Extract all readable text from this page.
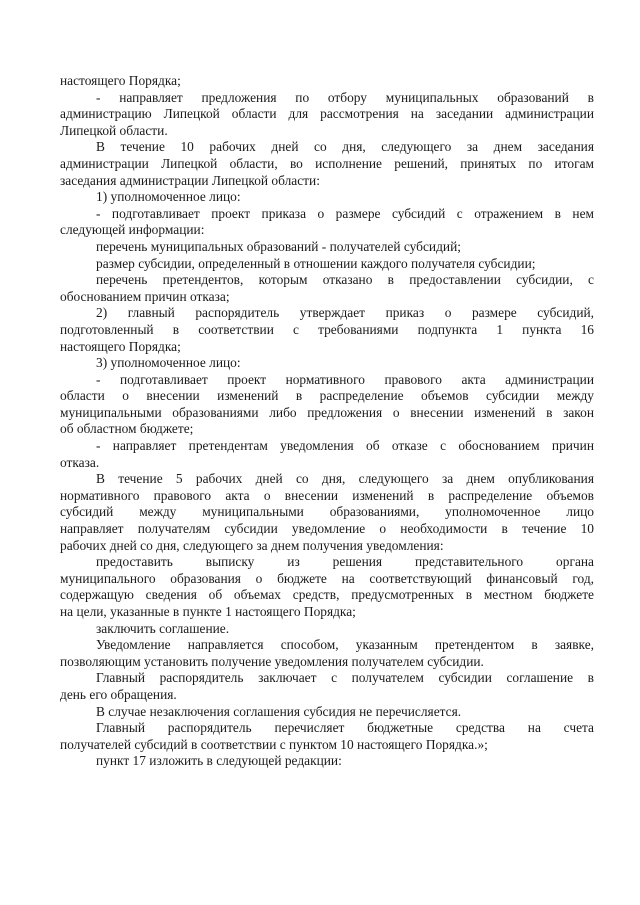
настоящего Порядка;
- направляет предложения по отбору муниципальных образований в
администрацию Липецкой области для рассмотрения на заседании администрации
Липецкой области.
В течение 10 рабочих дней со дня, следующего за днем заседания
администрации Липецкой области, во исполнение решений, принятых по итогам
заседания администрации Липецкой области:
1) уполномоченное лицо:
- подготавливает проект приказа о размере субсидий с отражением в нем
следующей информации:
перечень муниципальных образований - получателей субсидий;
размер субсидии, определенный в отношении каждого получателя субсидии;
перечень претендентов, которым отказано в предоставлении субсидии, с
обоснованием причин отказа;
2) главный распорядитель утверждает приказ о размере субсидий,
подготовленный в соответствии с требованиями подпункта 1 пункта 16
настоящего Порядка;
3) уполномоченное лицо:
- подготавливает проект нормативного правового акта администрации
области о внесении изменений в распределение объемов субсидии между
муниципальными образованиями либо предложения о внесении изменений в закон
об областном бюджете;
- направляет претендентам уведомления об отказе с обоснованием причин
отказа.
В течение 5 рабочих дней со дня, следующего за днем опубликования
нормативного правового акта о внесении изменений в распределение объемов
субсидий между муниципальными образованиями, уполномоченное лицо
направляет получателям субсидии уведомление о необходимости в течение 10
рабочих дней со дня, следующего за днем получения уведомления:
предоставить выписку из решения представительного органа
муниципального образования о бюджете на соответствующий финансовый год,
содержащую сведения об объемах средств, предусмотренных в местном бюджете
на цели, указанные в пункте 1 настоящего Порядка;
заключить соглашение.
Уведомление направляется способом, указанным претендентом в заявке,
позволяющим установить получение уведомления получателем субсидии.
Главный распорядитель заключает с получателем субсидии соглашение в
день его обращения.
В случае незаключения соглашения субсидия не перечисляется.
Главный распорядитель перечисляет бюджетные средства на счета
получателей субсидий в соответствии с пунктом 10 настоящего Порядка.»;
пункт 17 изложить в следующей редакции:
